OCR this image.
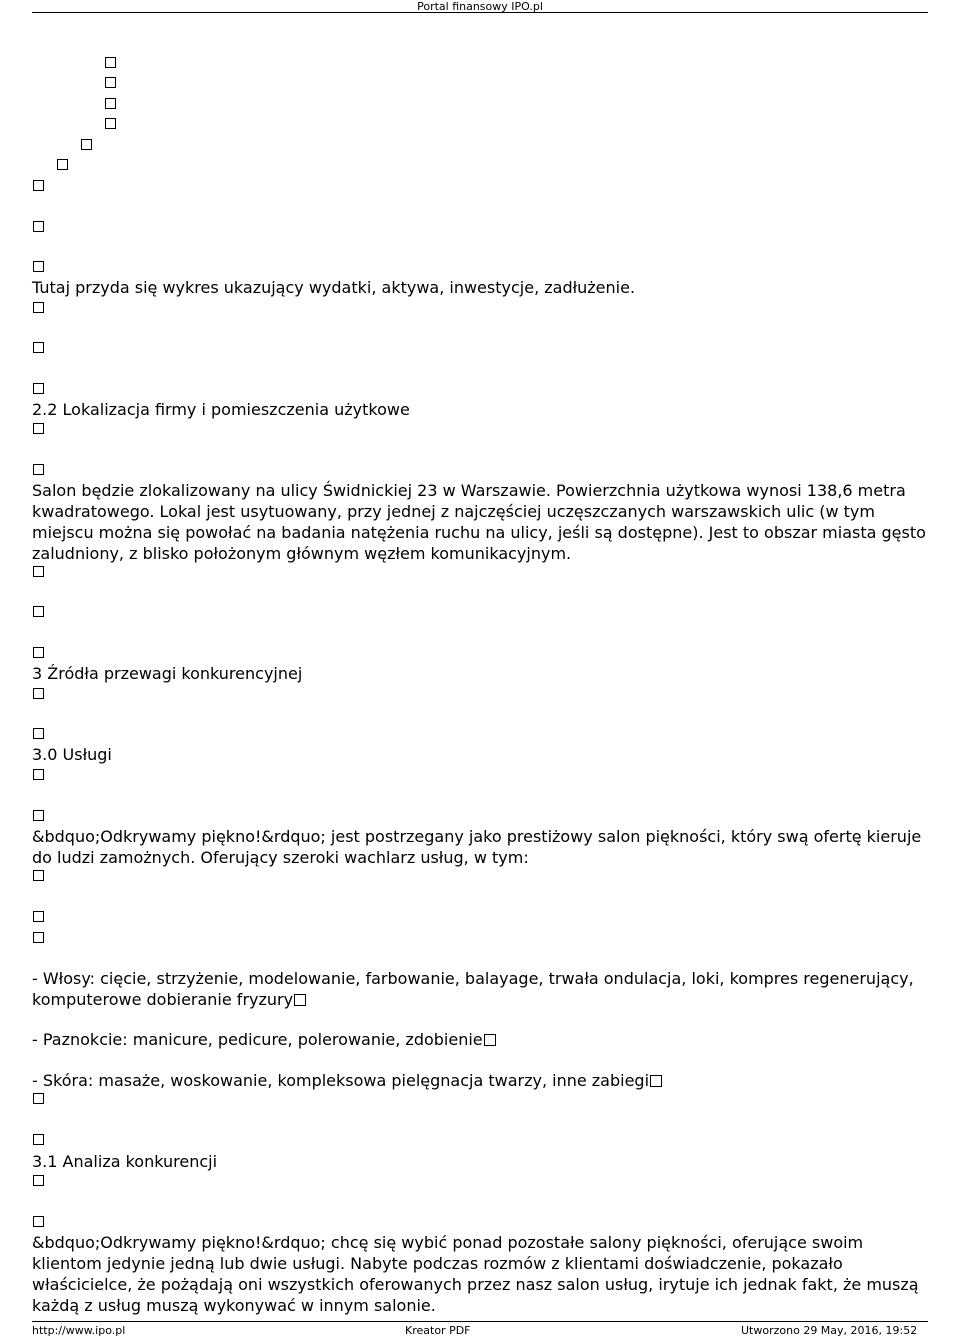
Portal finansowy IPO.pl
Tutaj przyda się wykres ukazujący wydatki, aktywa, inwestycje, zadłużenie.
2.2 Lokalizacja firmy i pomieszczenia użytkowe
Salon będzie zlokalizowany na ulicy Świdnickiej 23 w Warszawie. Powierzchnia użytkowa wynosi 138,6 metra kwadratowego. Lokal jest usytuowany, przy jednej z najczęściej uczęszczanych warszawskich ulic (w tym miejscu można się powołać na badania natężenia ruchu na ulicy, jeśli są dostępne). Jest to obszar miasta gęsto zaludniony, z blisko położonym głównym węzłem komunikacyjnym.
3 Źródła przewagi konkurencyjnej
3.0 Usługi
&bdquo;Odkrywamy piękno!&rdquo; jest postrzegany jako prestiżowy salon piękności, który swą ofertę kieruje do ludzi zamożnych. Oferujący szeroki wachlarz usług, w tym:
- Włosy: cięcie, strzyżenie, modelowanie, farbowanie, balayage, trwała ondulacja, loki, kompres regenerujący, komputerowe dobieranie fryzury
- Paznokcie: manicure, pedicure, polerowanie, zdobienie
- Skóra: masaże, woskowanie, kompleksowa pielęgnacja twarzy, inne zabiegi
3.1 Analiza konkurencji
&bdquo;Odkrywamy piękno!&rdquo; chcę się wybić ponad pozostałe salony piękności, oferujące swoim klientom jedynie jedną lub dwie usługi. Nabyte podczas rozmów z klientami doświadczenie, pokazało właścicielce, że pożądają oni wszystkich oferowanych przez nasz salon usług, irytuje ich jednak fakt, że muszą każdą z usług muszą wykonywać w innym salonie.
http://www.ipo.pl	Kreator PDF	Utworzono 29 May, 2016, 19:52
